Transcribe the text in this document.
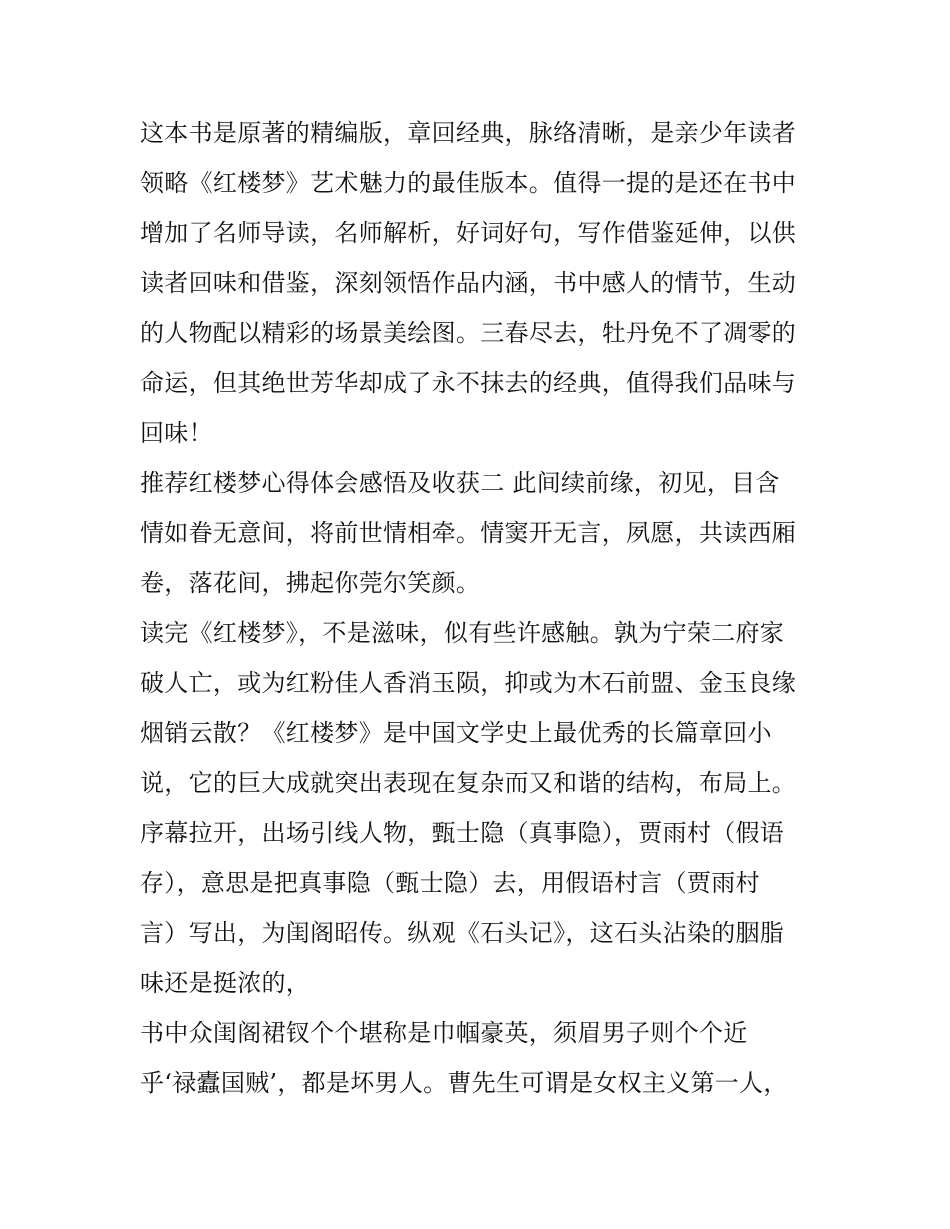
这本书是原著的精编版，章回经典，脉络清晰，是亲少年读者
领略《红楼梦》艺术魅力的最佳版本。值得一提的是还在书中
增加了名师导读，名师解析，好词好句，写作借鉴延伸，以供
读者回味和借鉴，深刻领悟作品内涵，书中感人的情节，生动
的人物配以精彩的场景美绘图。三春尽去，牡丹免不了凋零的
命运，但其绝世芳华却成了永不抹去的经典，值得我们品味与
回味！
推荐红楼梦心得体会感悟及收获二 此间续前缘，初见，目含
情如眷无意间，将前世情相牵。情窦开无言，夙愿，共读西厢
卷，落花间，拂起你莞尔笑颜。
读完《红楼梦》，不是滋味，似有些许感触。孰为宁荣二府家
破人亡，或为红粉佳人香消玉陨，抑或为木石前盟、金玉良缘
烟销云散？《红楼梦》是中国文学史上最优秀的长篇章回小
说，它的巨大成就突出表现在复杂而又和谐的结构，布局上。
序幕拉开，出场引线人物，甄士隐（真事隐），贾雨村（假语
存），意思是把真事隐（甄士隐）去，用假语村言（贾雨村
言）写出，为闺阁昭传。纵观《石头记》，这石头沾染的胭脂
味还是挺浓的，
书中众闺阁裙钗个个堪称是巾帼豪英，须眉男子则个个近
乎‘禄蠹国贼’，都是坏男人。曹先生可谓是女权主义第一人，
